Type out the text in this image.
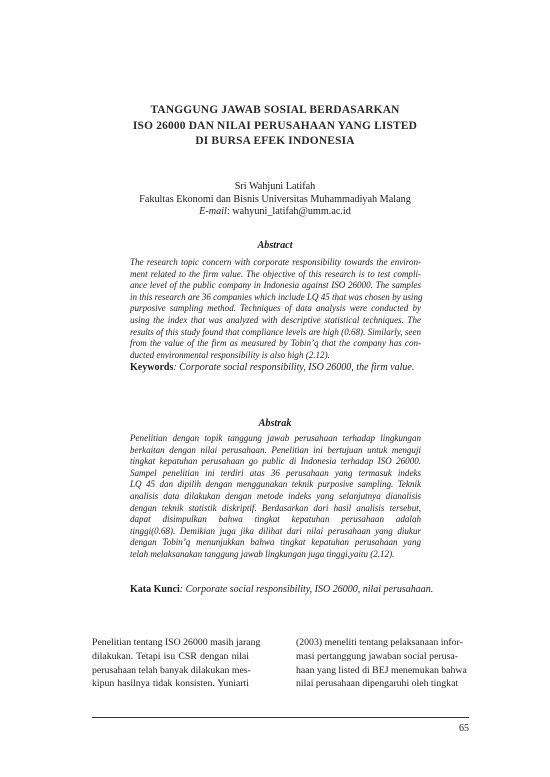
TANGGUNG JAWAB SOSIAL BERDASARKAN
ISO 26000 DAN NILAI PERUSAHAAN YANG LISTED
DI BURSA EFEK INDONESIA
Sri Wahjuni Latifah
Fakultas Ekonomi dan Bisnis Universitas Muhammadiyah Malang
E-mail: wahyuni_latifah@umm.ac.id
Abstract
The research topic concern with corporate responsibility towards the environ-
ment related to the firm value. The objective of this research is to test compli-
ance level of the public company in Indonesia against ISO 26000. The samples
in this research are 36 companies which include LQ 45 that was chosen by using
purposive sampling method. Techniques of data analysis were conducted by
using the index that was analyzed with descriptive statistical techniques. The
results of this study found that compliance levels are high (0.68). Similarly, seen
from the value of the firm as measured by Tobin’q that the company has con-
ducted environmental responsibility is also high (2.12).
Keywords: Corporate social responsibility, ISO 26000, the firm value.
Abstrak
Penelitian dengan topik tanggung jawab perusahaan terhadap lingkungan
berkaitan dengan nilai perusahaan. Penelitian ini bertujuan untuk menguji
tingkat kepatuhan perusahaan go public di Indonesia terhadap ISO 26000.
Sampel penelitian ini terdiri atas 36 perusahaan yang termasuk indeks
LQ 45 dan dipilih dengan menggunakan teknik purposive sampling. Teknik
analisis data dilakukan dengan metode indeks yang selanjutnya dianalisis
dengan teknik statistik diskriptif. Berdasarkan dari hasil analisis tersebut,
dapat disimpulkan bahwa tingkat kepatuhan perusahaan adalah
tinggi(0.68). Demikian juga jika dilihat dari nilai perusahaan yang diukur
dengan Tobin’q menunjukkan bahwa tingkat kepatuhan perusahaan yang
telah melaksanakan tanggung jawab lingkungan juga tinggi,yaitu (2.12).
Kata Kunci: Corporate social responsibility, ISO 26000, nilai perusahaan.
Penelitian tentang ISO 26000 masih jarang
dilakukan. Tetapi isu CSR dengan nilai
perusahaan telah banyak dilakukan mes-
kipun hasilnya tidak konsisten. Yuniarti
(2003) meneliti tentang pelaksanaan infor-
masi pertanggung jawaban social perusa-
haan yang listed di BEJ menemukan bahwa
nilai perusahaan dipengaruhi oleh tingkat
65
